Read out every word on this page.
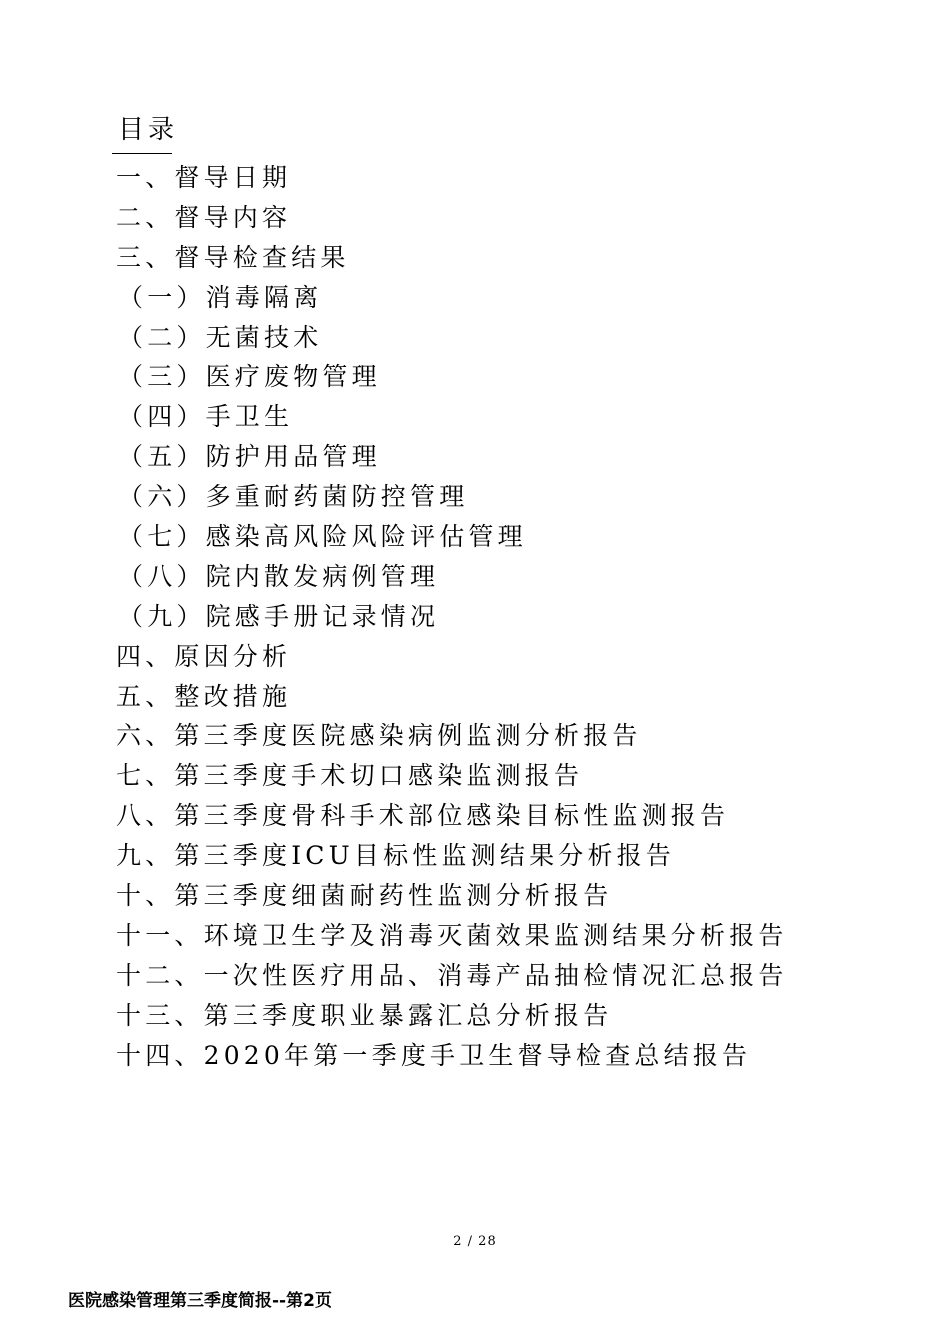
目录
一、督导日期
二、督导内容
三、督导检查结果
（一）消毒隔离
（二）无菌技术
（三）医疗废物管理
（四）手卫生
（五）防护用品管理
（六）多重耐药菌防控管理
（七）感染高风险风险评估管理
（八）院内散发病例管理
（九）院感手册记录情况
四、原因分析
五、整改措施
六、第三季度医院感染病例监测分析报告
七、第三季度手术切口感染监测报告
八、第三季度骨科手术部位感染目标性监测报告
九、第三季度ICU目标性监测结果分析报告
十、第三季度细菌耐药性监测分析报告
十一、环境卫生学及消毒灭菌效果监测结果分析报告
十二、一次性医疗用品、消毒产品抽检情况汇总报告
十三、第三季度职业暴露汇总分析报告
十四、2020年第一季度手卫生督导检查总结报告
2 / 28
医院感染管理第三季度简报--第2页
